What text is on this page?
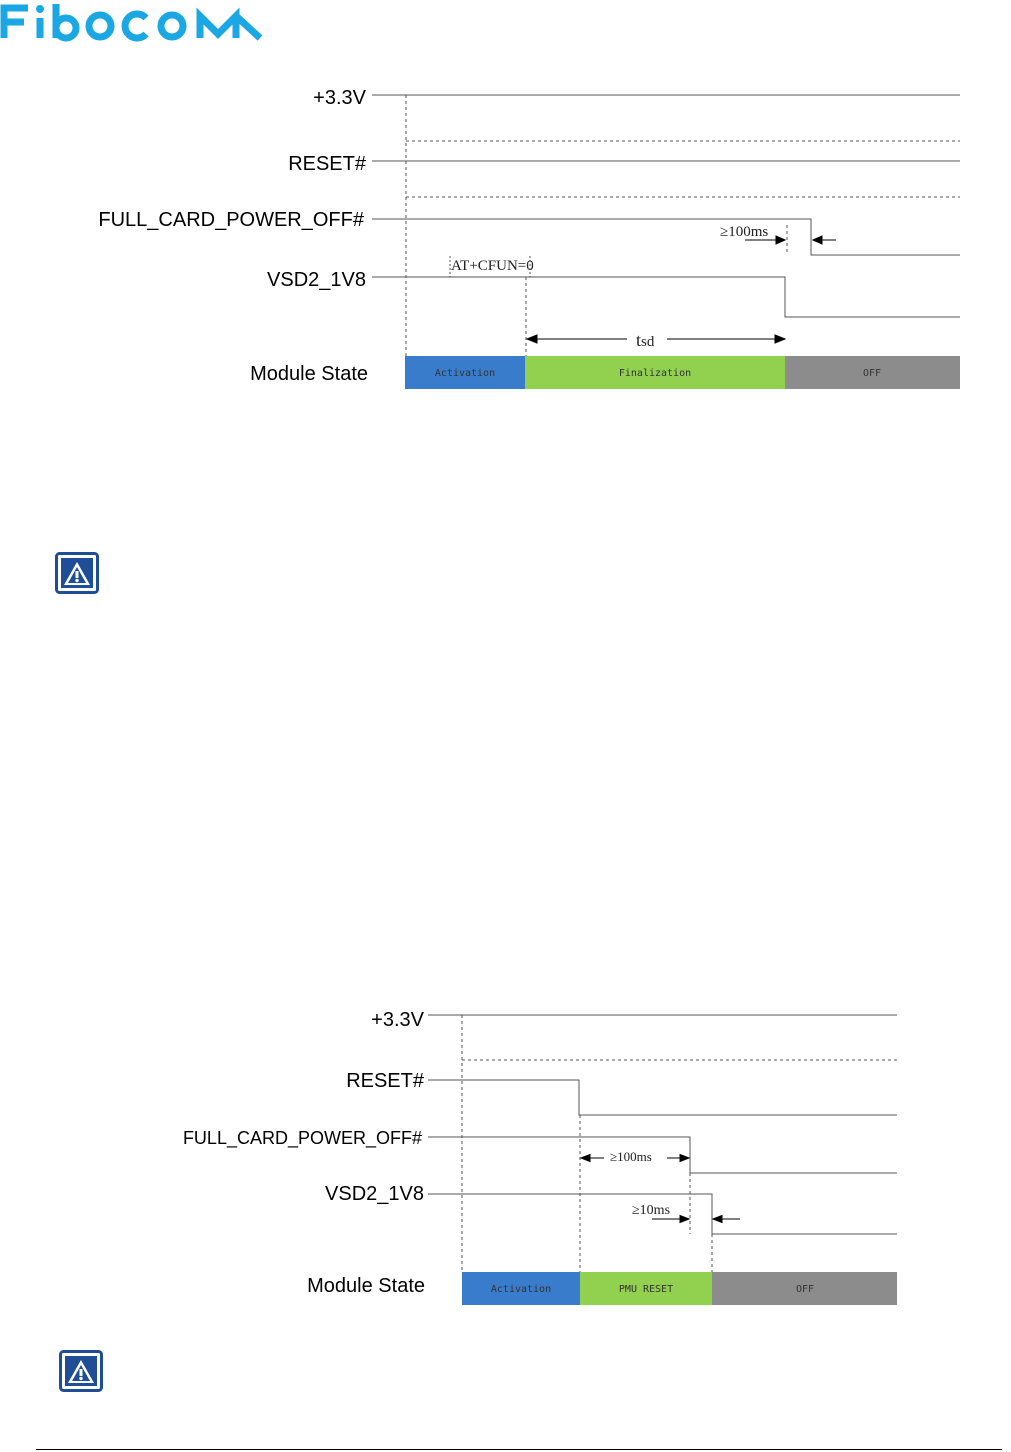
+3.3V
RESET#
FULL_CARD_POWER_OFF#
VSD2_1V8
Module State
≥100ms
AT+CFUN=0
tsd
Activation	Finalization	OFF
+3.3V
RESET#
FULL_CARD_POWER_OFF#
VSD2_1V8
Module State
≥100ms
≥10ms
Activation	PMU RESET	OFF
